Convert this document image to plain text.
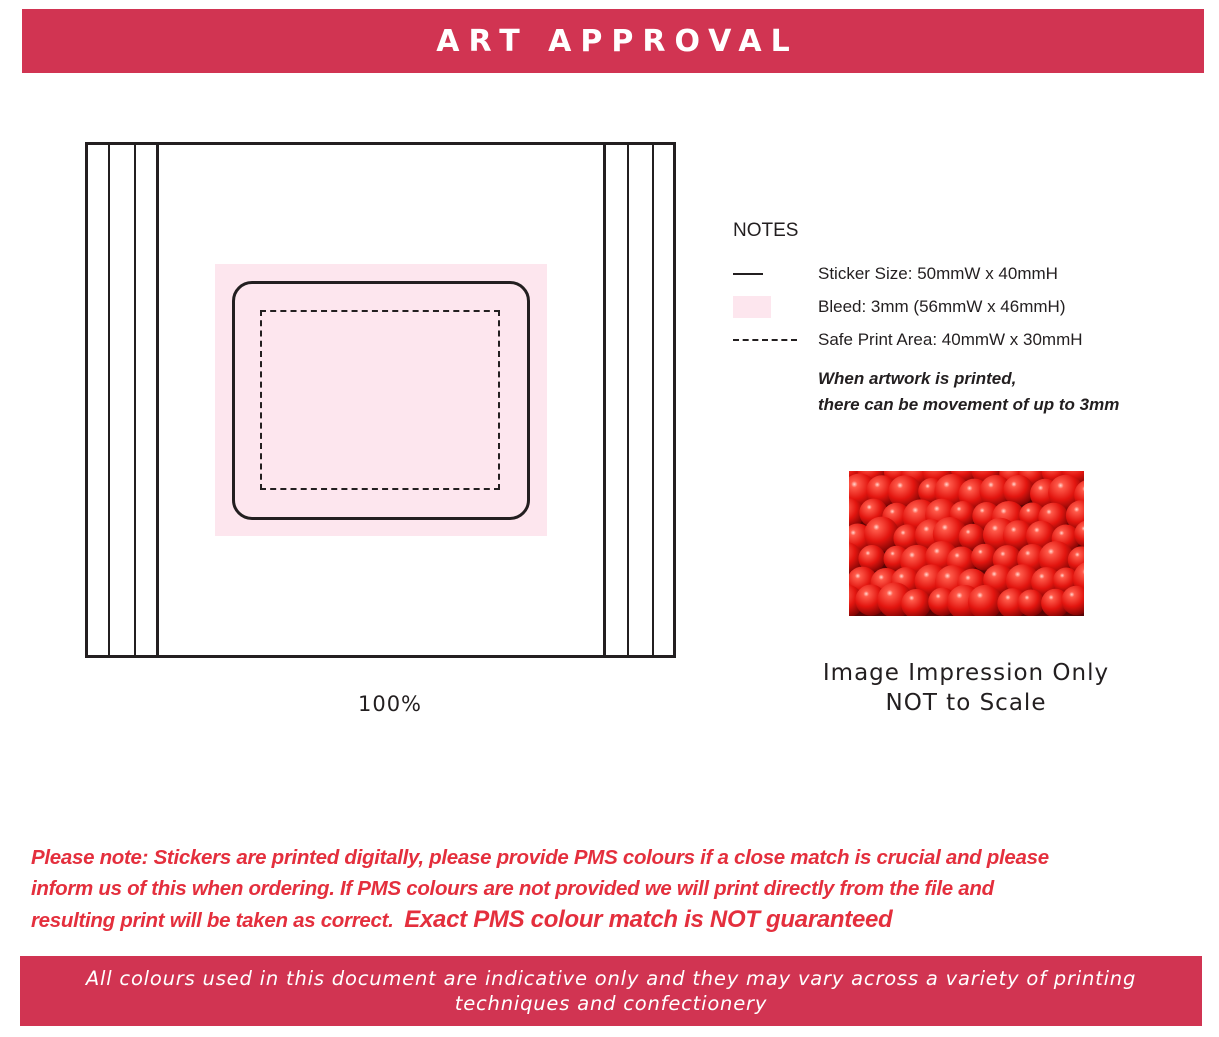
ART APPROVAL
100%
NOTES
Sticker Size: 50mmW x 40mmH
Bleed: 3mm (56mmW x 46mmH)
Safe Print Area: 40mmW x 30mmH
When artwork is printed,
there can be movement of up to 3mm
Image Impression Only
NOT to Scale
Please note: Stickers are printed digitally, please provide PMS colours if a close match is crucial and please
inform us of this when ordering. If PMS colours are not provided we will print directly from the file and
resulting print will be taken as correct.  Exact PMS colour match is NOT guaranteed
All colours used in this document are indicative only and they may vary across a variety of printing
techniques and confectionery
